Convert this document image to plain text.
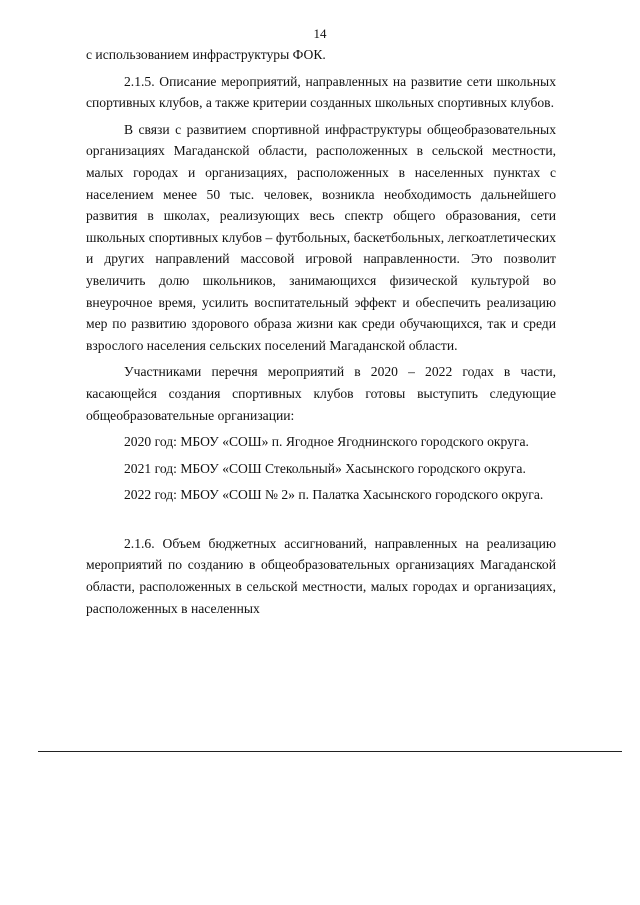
14

с использованием инфраструктуры ФОК.

2.1.5. Описание мероприятий, направленных на развитие сети школьных спортивных клубов, а также критерии созданных школьных спортивных клубов.

В связи с развитием спортивной инфраструктуры общеобразовательных организациях Магаданской области, расположенных в сельской местности, малых городах и организациях, расположенных в населенных пунктах с населением менее 50 тыс. человек, возникла необходимость дальнейшего развития в школах, реализующих весь спектр общего образования, сети школьных спортивных клубов – футбольных, баскетбольных, легкоатлетических и других направлений массовой игровой направленности. Это позволит увеличить долю школьников, занимающихся физической культурой во внеурочное время, усилить воспитательный эффект и обеспечить реализацию мер по развитию здорового образа жизни как среди обучающихся, так и среди взрослого населения сельских поселений Магаданской области.

Участниками перечня мероприятий в 2020 – 2022 годах в части, касающейся создания спортивных клубов готовы выступить следующие общеобразовательные организации:

2020 год: МБОУ «СОШ» п. Ягодное Ягоднинского городского округа.

2021 год: МБОУ «СОШ Стекольный» Хасынского городского округа.

2022 год: МБОУ «СОШ № 2» п. Палатка Хасынского городского округа.

2.1.6. Объем бюджетных ассигнований, направленных на реализацию мероприятий по созданию в общеобразовательных организациях Магаданской области, расположенных в сельской местности, малых городах и организациях, расположенных в населенных
